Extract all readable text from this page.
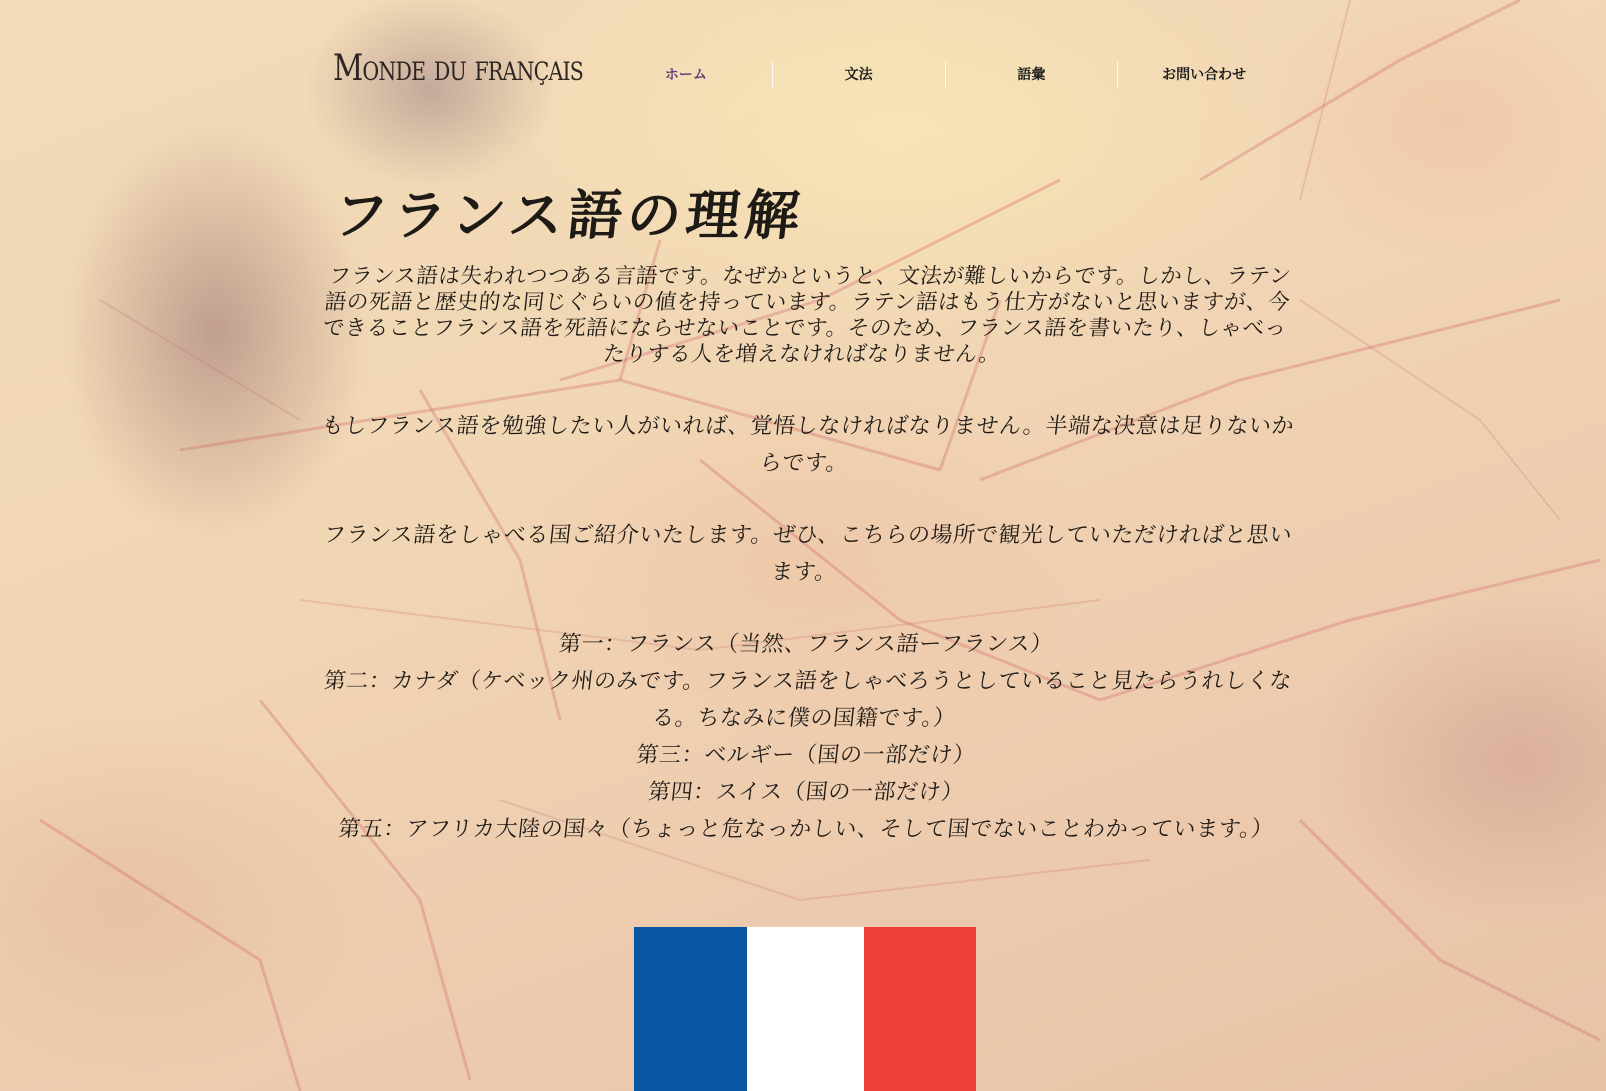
Monde du français	ホーム	文法	語彙	お問い合わせ
フランス語の理解

フランス語は失われつつある言語です。なぜかというと、文法が難しいからです。しかし、ラテン語の死語と歴史的な同じぐらいの値を持っています。ラテン語はもう仕方がないと思いますが、今できることフランス語を死語にならせないことです。そのため、フランス語を書いたり、しゃべったりする人を増えなければなりません。

もしフランス語を勉強したい人がいれば、覚悟しなければなりません。半端な決意は足りないからです。

フランス語をしゃべる国ご紹介いたします。ぜひ、こちらの場所で観光していただければと思います。

第一：フランス（当然、フランス語ーフランス）
第二：カナダ（ケベック州のみです。フランス語をしゃべろうとしていること見たらうれしくなる。ちなみに僕の国籍です。）
第三：ベルギー（国の一部だけ）
第四：スイス（国の一部だけ）
第五：アフリカ大陸の国々（ちょっと危なっかしい、そして国でないことわかっています。）
